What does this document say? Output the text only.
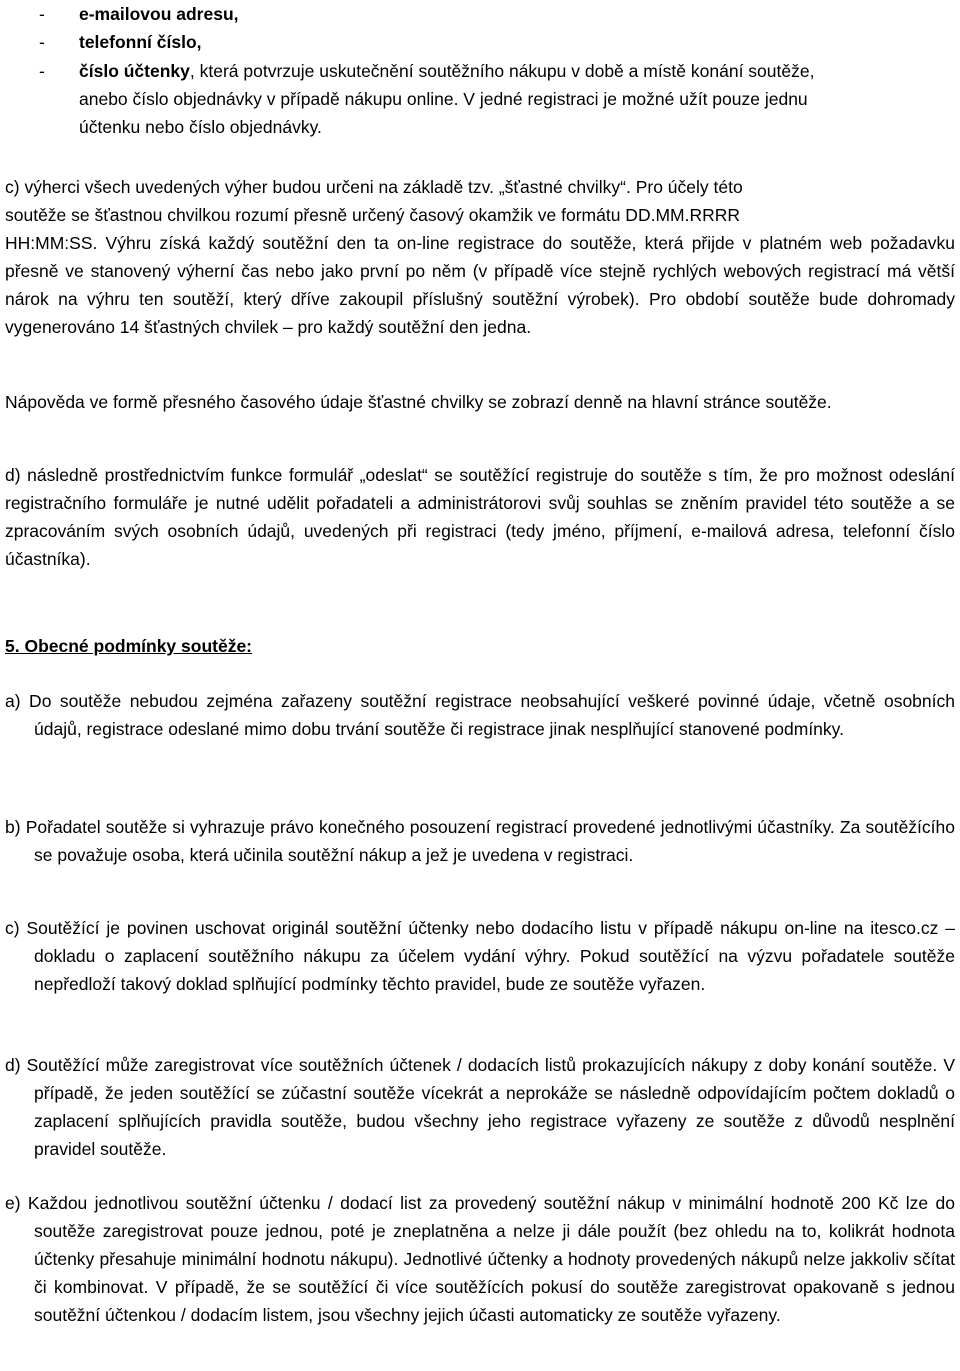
-	e-mailovou adresu,
-	telefonní číslo,
-	číslo účtenky, která potvrzuje uskutečnění soutěžního nákupu v době a místě konání soutěže,
anebo číslo objednávky v případě nákupu online. V jedné registraci je možné užít pouze jednu
účtenku nebo číslo objednávky.
c) výherci všech uvedených výher budou určeni na základě tzv. „šťastné chvilky“. Pro účely této
soutěže se šťastnou chvilkou rozumí přesně určený časový okamžik ve formátu DD.MM.RRRR
HH:MM:SS. Výhru získá každý soutěžní den ta on-line registrace do soutěže, která přijde v platném web požadavku přesně ve stanovený výherní čas nebo jako první po něm (v případě více stejně rychlých webových registrací má větší nárok na výhru ten soutěží, který dříve zakoupil příslušný soutěžní výrobek). Pro období soutěže bude dohromady vygenerováno 14 šťastných chvilek – pro každý soutěžní den jedna.

Nápověda ve formě přesného časového údaje šťastné chvilky se zobrazí denně na hlavní stránce soutěže.

d) následně prostřednictvím funkce formulář „odeslat“ se soutěžící registruje do soutěže s tím, že pro možnost odeslání registračního formuláře je nutné udělit pořadateli a administrátorovi svůj souhlas se zněním pravidel této soutěže a se zpracováním svých osobních údajů, uvedených při registraci (tedy jméno, příjmení, e-mailová adresa, telefonní číslo účastníka).

5. Obecné podmínky soutěže:

a) Do soutěže nebudou zejména zařazeny soutěžní registrace neobsahující veškeré povinné údaje, včetně osobních údajů, registrace odeslané mimo dobu trvání soutěže či registrace jinak nesplňující stanovené podmínky.

b) Pořadatel soutěže si vyhrazuje právo konečného posouzení registrací provedené jednotlivými účastníky. Za soutěžícího se považuje osoba, která učinila soutěžní nákup a jež je uvedena v registraci.

c) Soutěžící je povinen uschovat originál soutěžní účtenky nebo dodacího listu v případě nákupu on-line na itesco.cz – dokladu o zaplacení soutěžního nákupu za účelem vydání výhry. Pokud soutěžící na výzvu pořadatele soutěže nepředloží takový doklad splňující podmínky těchto pravidel, bude ze soutěže vyřazen.

d) Soutěžící může zaregistrovat více soutěžních účtenek / dodacích listů prokazujících nákupy z doby konání soutěže. V případě, že jeden soutěžící se zúčastní soutěže vícekrát a neprokáže se následně odpovídajícím počtem dokladů o zaplacení splňujících pravidla soutěže, budou všechny jeho registrace vyřazeny ze soutěže z důvodů nesplnění pravidel soutěže.

e) Každou jednotlivou soutěžní účtenku / dodací list za provedený soutěžní nákup v minimální hodnotě 200 Kč lze do soutěže zaregistrovat pouze jednou, poté je zneplatněna a nelze ji dále použít (bez ohledu na to, kolikrát hodnota účtenky přesahuje minimální hodnotu nákupu). Jednotlivé účtenky a hodnoty provedených nákupů nelze jakkoliv sčítat či kombinovat. V případě, že se soutěžící či více soutěžících pokusí do soutěže zaregistrovat opakovaně s jednou soutěžní účtenkou / dodacím listem, jsou všechny jejich účasti automaticky ze soutěže vyřazeny.
